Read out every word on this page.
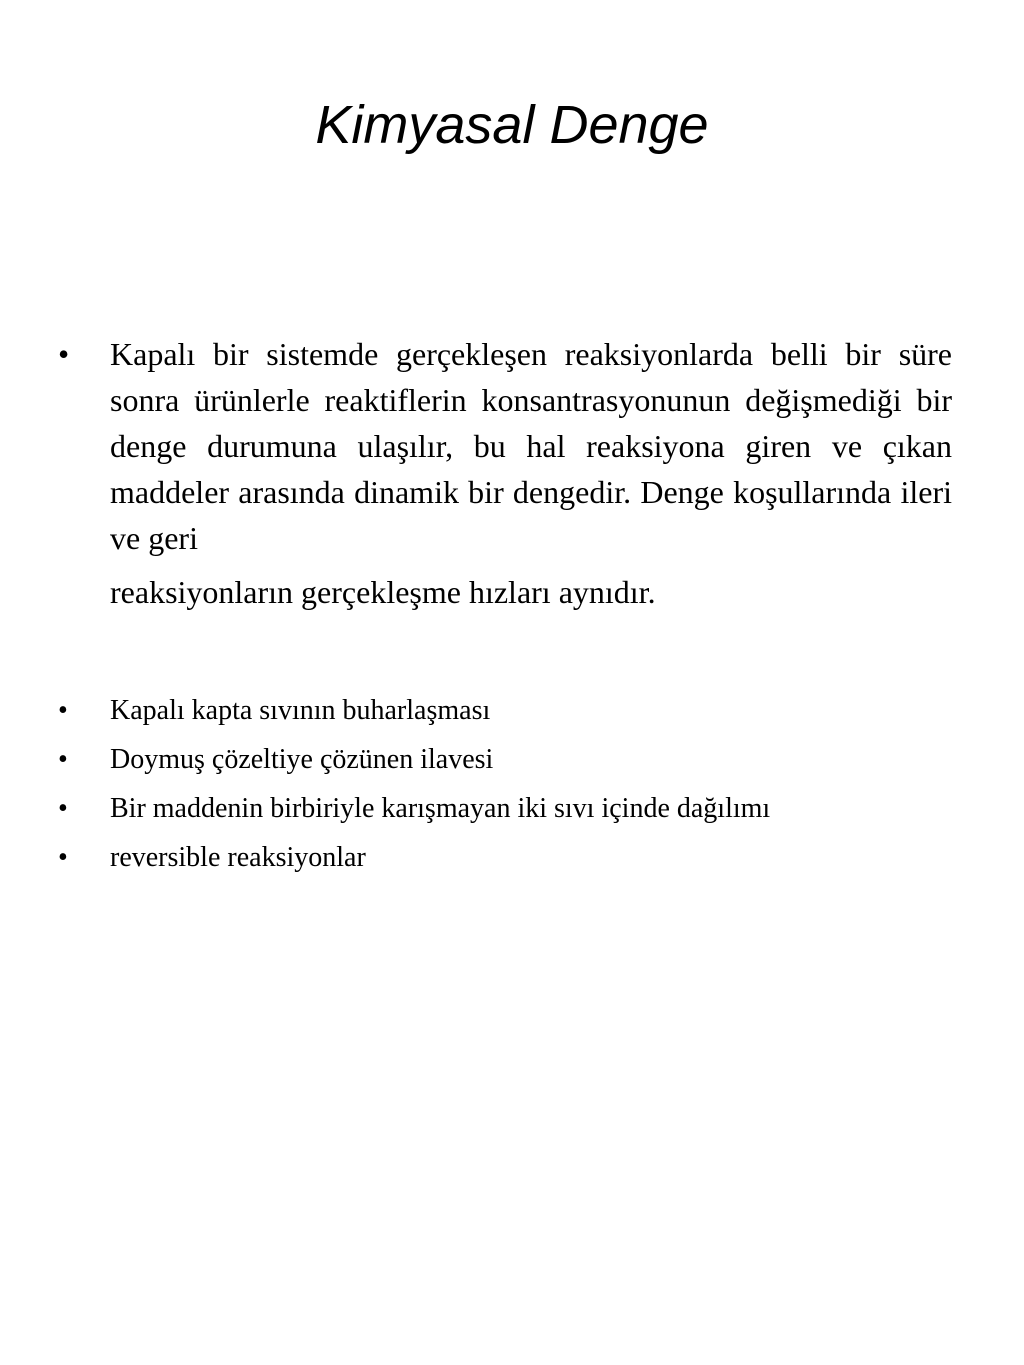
Kimyasal Denge
• Kapalı bir sistemde gerçekleşen reaksiyonlarda belli bir süre sonra ürünlerle reaktiflerin konsantrasyonunun değişmediği bir denge durumuna ulaşılır, bu hal reaksiyona giren ve çıkan maddeler arasında dinamik bir dengedir. Denge koşullarında ileri ve geri
reaksiyonların gerçekleşme hızları aynıdır.
• Kapalı kapta sıvının buharlaşması
• Doymuş çözeltiye çözünen ilavesi
• Bir maddenin birbiriyle karışmayan iki sıvı içinde dağılımı
• reversible reaksiyonlar
